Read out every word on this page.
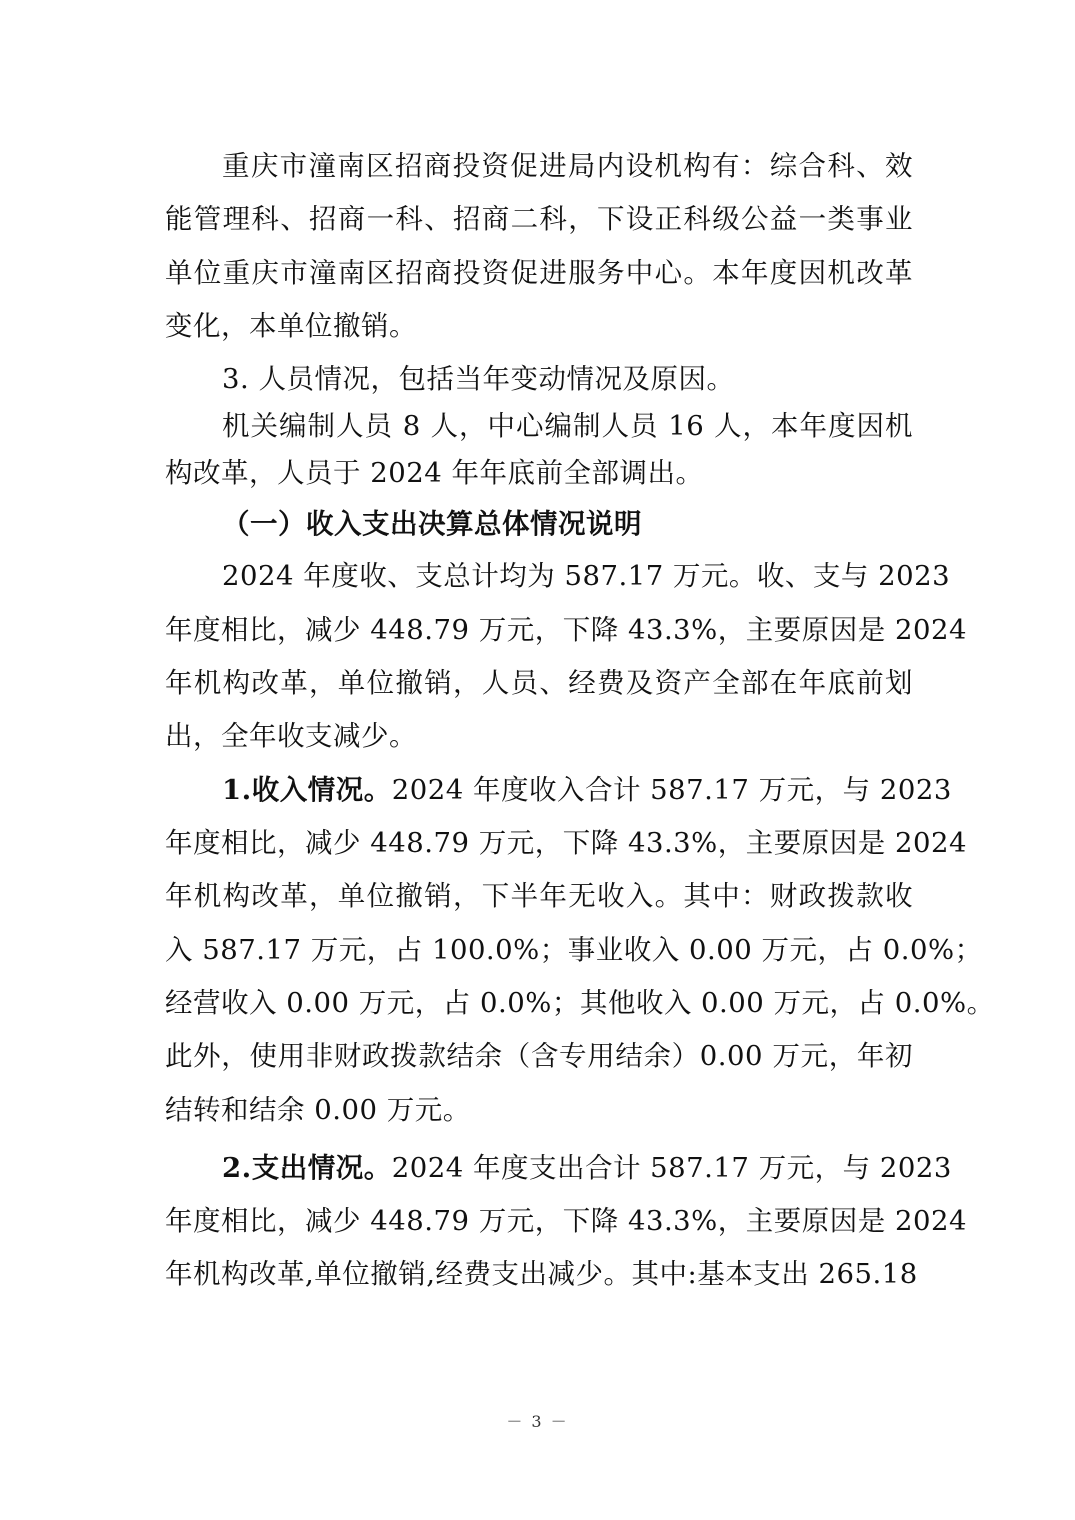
重庆市潼南区招商投资促进局内设机构有：综合科、效
能管理科、招商一科、招商二科，下设正科级公益一类事业
单位重庆市潼南区招商投资促进服务中心。本年度因机改革
变化，本单位撤销。
3. 人员情况，包括当年变动情况及原因。
机关编制人员 8 人，中心编制人员 16 人，本年度因机
构改革，人员于 2024 年年底前全部调出。
（一）收入支出决算总体情况说明
2024 年度收、支总计均为 587.17 万元。收、支与 2023
年度相比，减少 448.79 万元，下降 43.3%，主要原因是 2024
年机构改革，单位撤销，人员、经费及资产全部在年底前划
出，全年收支减少。
1.收入情况。 2024 年度收入合计 587.17 万元，与 2023
年度相比，减少 448.79 万元，下降 43.3%，主要原因是 2024
年机构改革，单位撤销，下半年无收入。其中：财政拨款收
入 587.17 万元，占 100.0%；事业收入 0.00 万元，占 0.0%；
经营收入 0.00 万元，占 0.0%；其他收入 0.00 万元，占 0.0%。
此外，使用非财政拨款结余（含专用结余）0.00 万元，年初
结转和结余 0.00 万元。
2.支出情况。 2024 年度支出合计 587.17 万元，与 2023
年度相比，减少 448.79 万元，下降 43.3%，主要原因是 2024
年机构改革,单位撤销,经费支出减少。其中:基本支出 265.18
－ 3 －
